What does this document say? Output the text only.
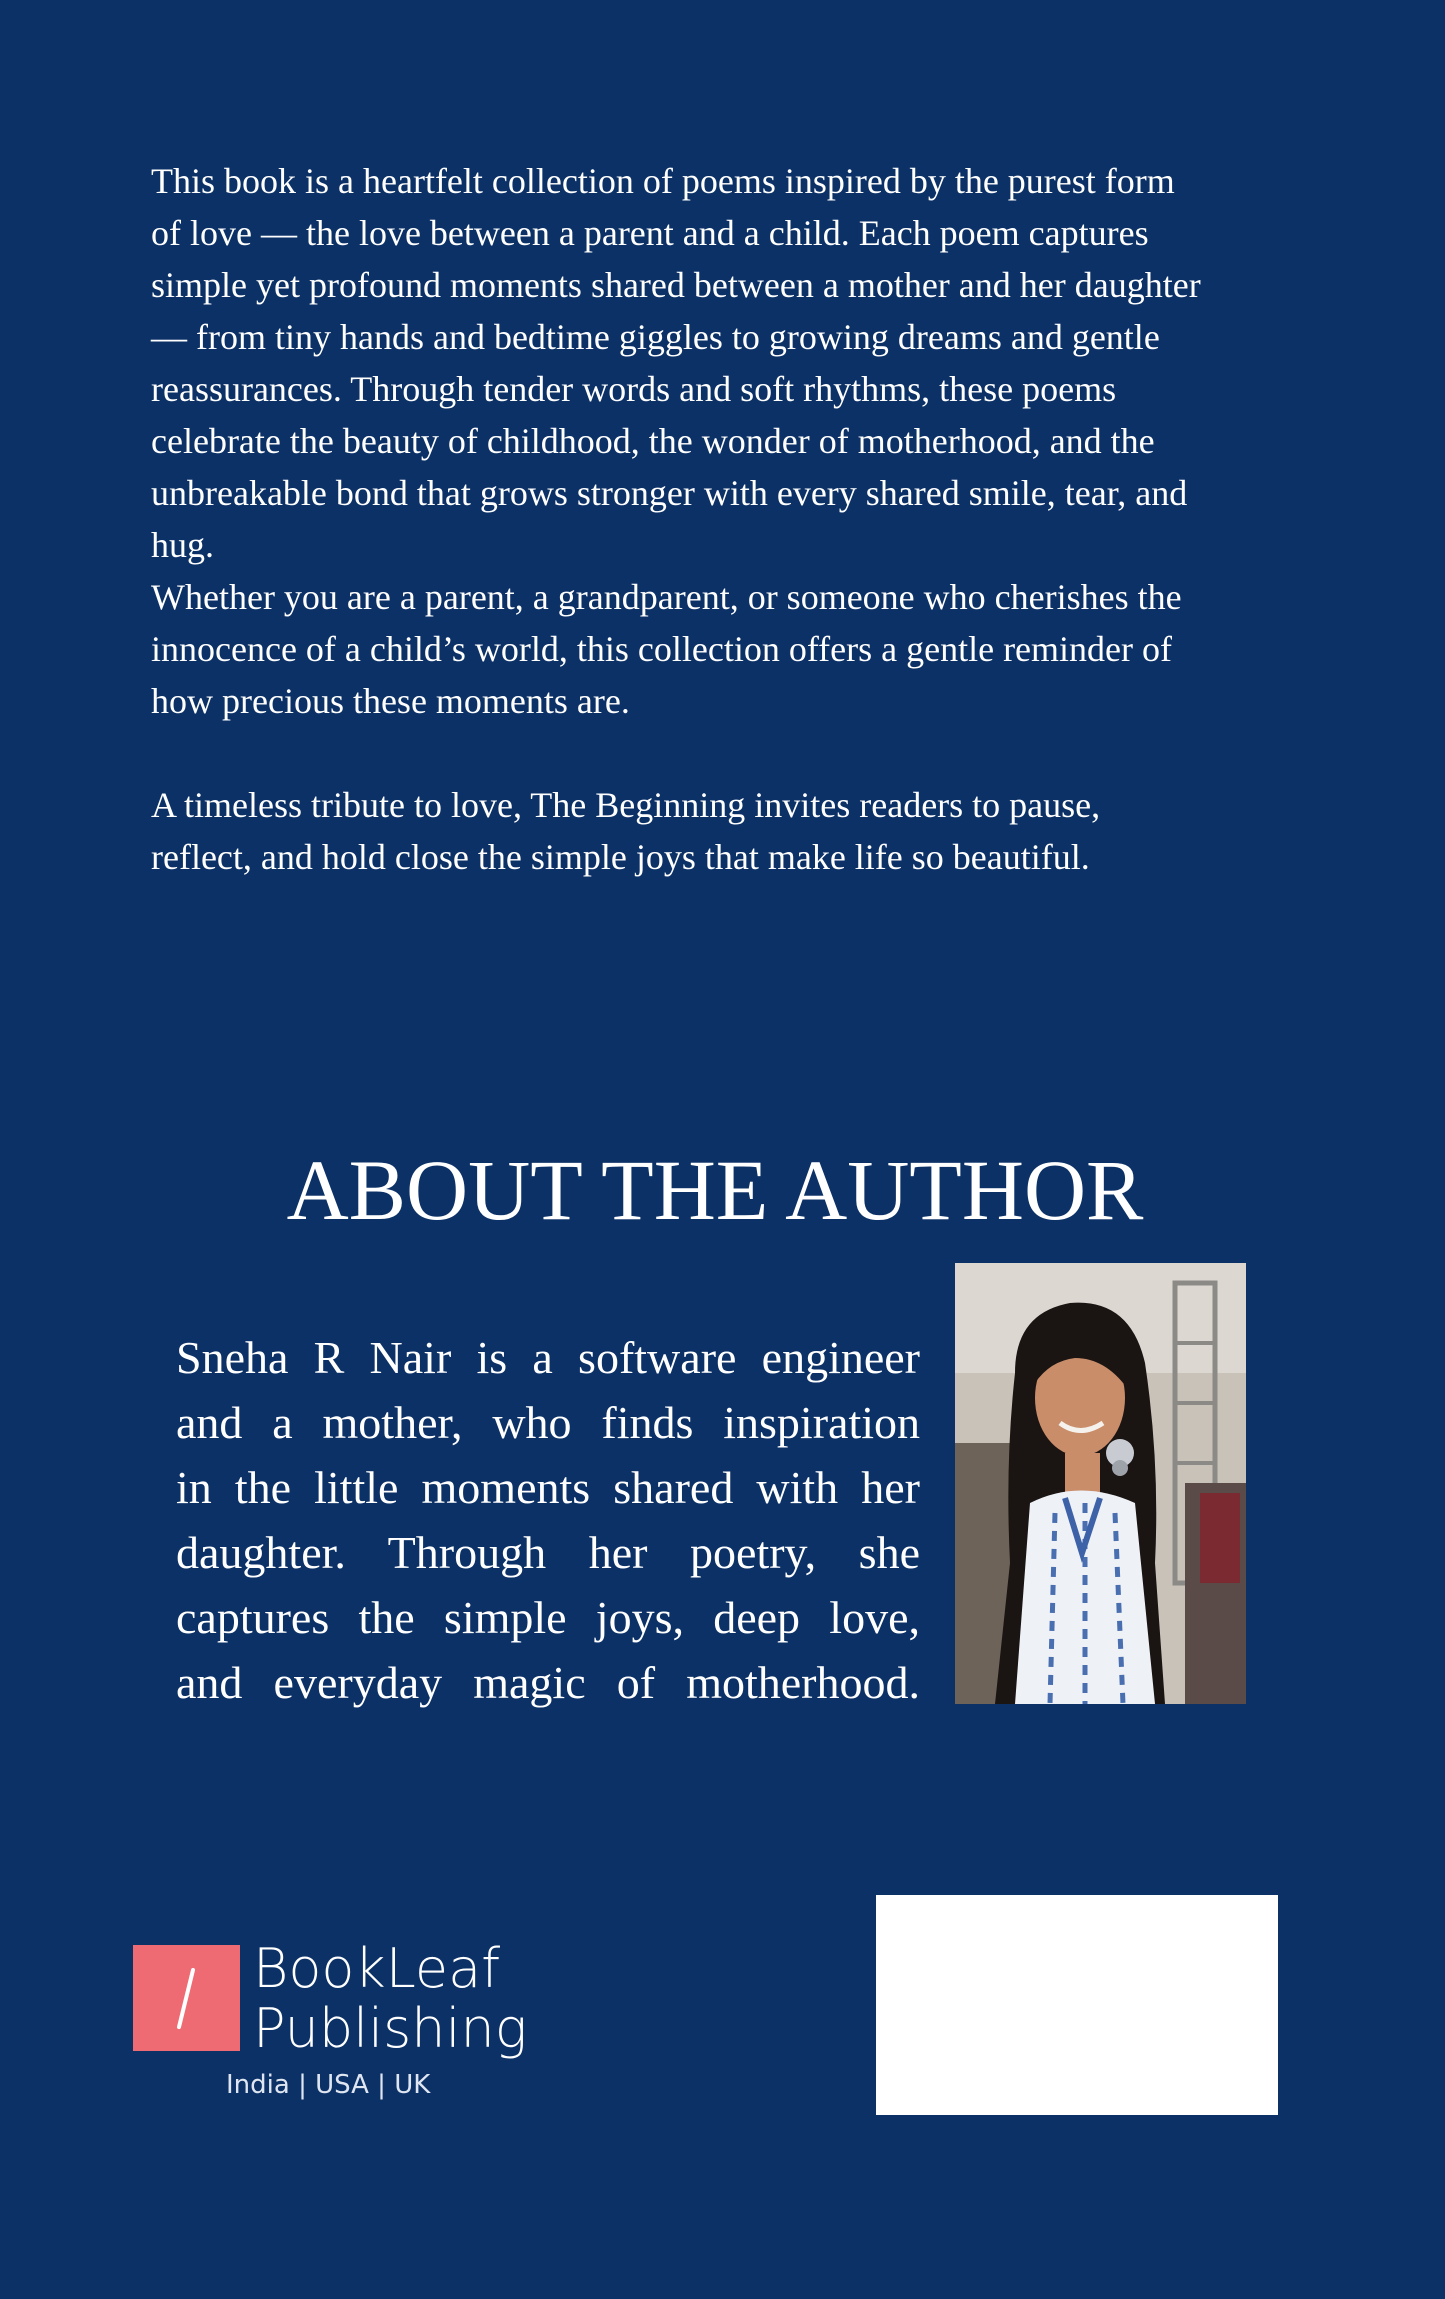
This book is a heartfelt collection of poems inspired by the purest form

of love — the love between a parent and a child. Each poem captures

simple yet profound moments shared between a mother and her daughter

— from tiny hands and bedtime giggles to growing dreams and gentle

reassurances. Through tender words and soft rhythms, these poems

celebrate the beauty of childhood, the wonder of motherhood, and the

unbreakable bond that grows stronger with every shared smile, tear, and

hug.

Whether you are a parent, a grandparent, or someone who cherishes the

innocence of a child’s world, this collection offers a gentle reminder of

how precious these moments are.

A timeless tribute to love, The Beginning invites readers to pause,

reflect, and hold close the simple joys that make life so beautiful.

ABOUT THE AUTHOR
Sneha R Nair is a software engineer
and a mother, who finds inspiration
in the little moments shared with her
daughter. Through her poetry, she
captures the simple joys, deep love,
and everyday magic of motherhood.
BookLeaf
Publishing
India | USA | UK
